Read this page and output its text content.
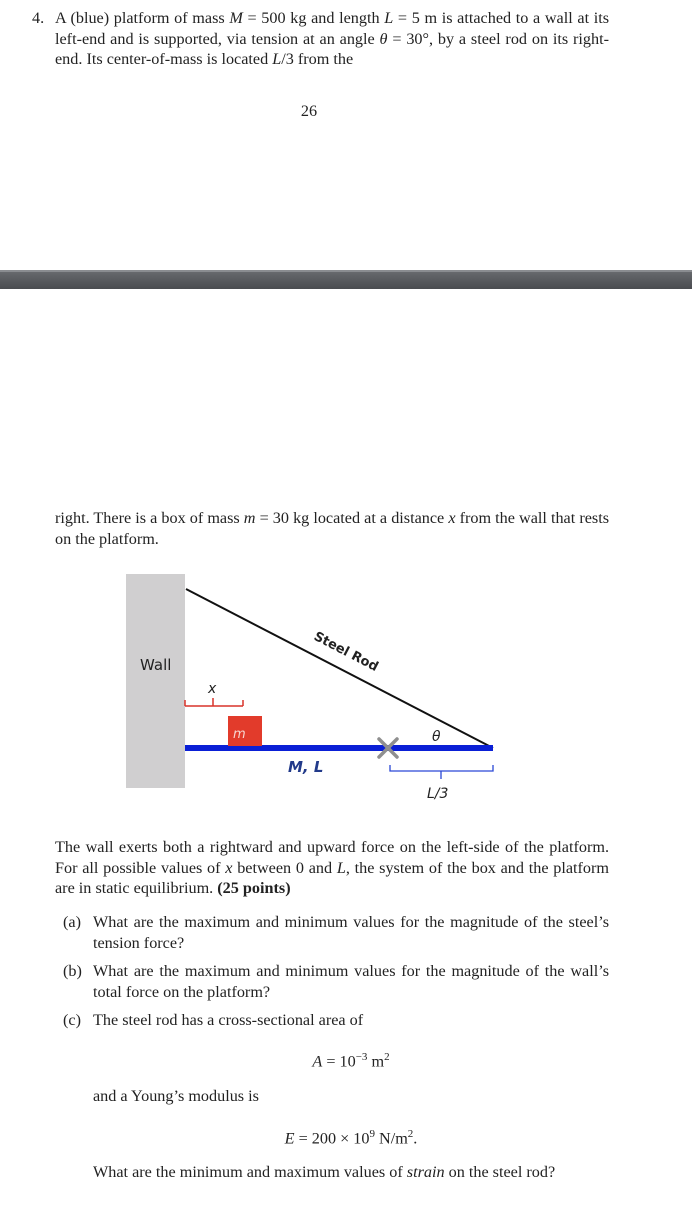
4. A (blue) platform of mass M = 500 kg and length L = 5 m is attached to a wall at its left-end and is supported, via tension at an angle θ = 30°, by a steel rod on its right-end. Its center-of-mass is located L/3 from the

26

right. There is a box of mass m = 30 kg located at a distance x from the wall that rests on the platform.

Wall	Steel Rod
x
m
M, L
θ
L/3

The wall exerts both a rightward and upward force on the left-side of the platform. For all possible values of x between 0 and L, the system of the box and the platform are in static equilibrium. (25 points)

(a) What are the maximum and minimum values for the magnitude of the steel’s tension force?

(b) What are the maximum and minimum values for the magnitude of the wall’s total force on the platform?

(c) The steel rod has a cross-sectional area of

$A = 10^{-3}$ $m^2$

and a Young’s modulus is

$E = 200 \times 10^9$ $N/m^2$.

What are the minimum and maximum values of strain on the steel rod?
